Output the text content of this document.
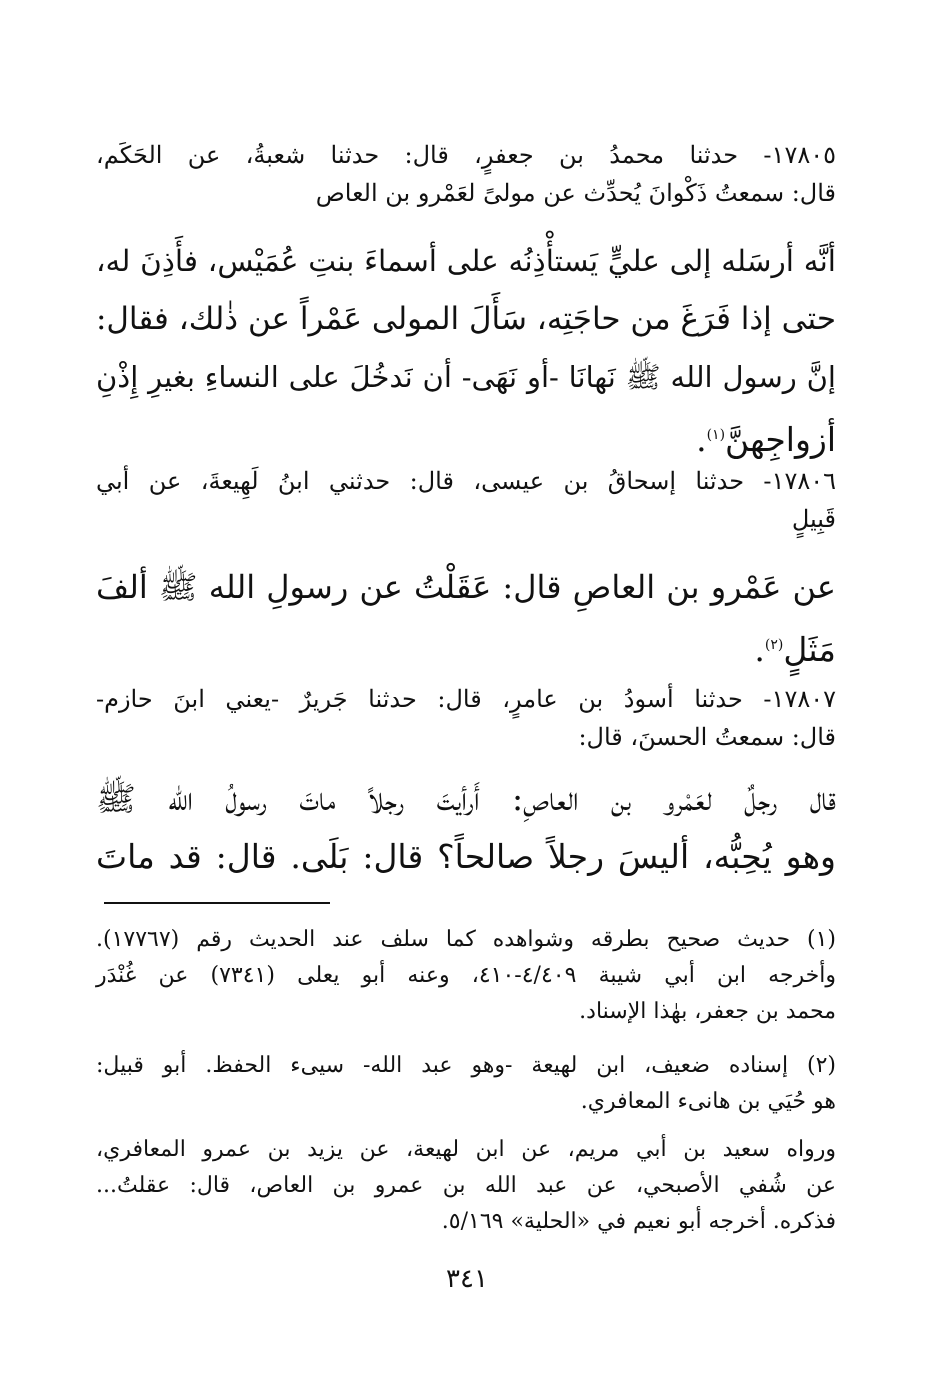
١٧٨٠٥- حدثنا محمدُ بن جعفرٍ، قال: حدثنا شعبةُ، عن الحَكَم،
قال: سمعتُ ذَكْوانَ يُحدِّث عن مولىً لعَمْرو بن العاص
أنَّه أرسَله إلى عليٍّ يَستأْذِنُه على أسماءَ بنتِ عُمَيْس، فأَذِنَ له،
حتى إذا فَرَغَ من حاجَتِه، سَأَلَ المولى عَمْراً عن ذٰلك، فقال:
إنَّ رسول الله ﷺ نَهانَا -أو نَهَى- أن نَدخُلَ على النساءِ بغيرِ إِذْنِ
أزواجِهنَّ$^{(١)}$.
١٧٨٠٦- حدثنا إسحاقُ بن عيسى، قال: حدثني ابنُ لَهِيعةَ، عن أبي
قَبِيلٍ
عن عَمْرو بن العاصِ قال: عَقَلْتُ عن رسولِ الله ﷺ ألفَ
مَثَلٍ$^{(٢)}$.
١٧٨٠٧- حدثنا أسودُ بن عامرٍ، قال: حدثنا جَريرٌ -يعني ابنَ حازم-
قال: سمعتُ الحسنَ، قال:
قال رجلٌ لعَمْرو بن العاصِ: أَرأيتَ رجلاً ماتَ رسولُ الله ﷺ
وهو يُحِبُّه، أليسَ رجلاً صالحاً؟ قال: بَلَى. قال: قد ماتَ
(١) حديث صحيح بطرقه وشواهده كما سلف عند الحديث رقم (١٧٧٦٧).
وأخرجه ابن أبي شيبة ٤/٤٠٩-٤١٠، وعنه أبو يعلى (٧٣٤١) عن غُنْدَر
محمد بن جعفر، بهٰذا الإسناد.
(٢) إسناده ضعيف، ابن لهيعة -وهو عبد الله- سيىء الحفظ. أبو قبيل:
هو حُيَي بن هانىء المعافري.
ورواه سعيد بن أبي مريم، عن ابن لهيعة، عن يزيد بن عمرو المعافري،
عن شُفي الأصبحي، عن عبد الله بن عمرو بن العاص، قال: عقلتُ...
فذكره. أخرجه أبو نعيم في «الحلية» ٥/١٦٩.
٣٤١
